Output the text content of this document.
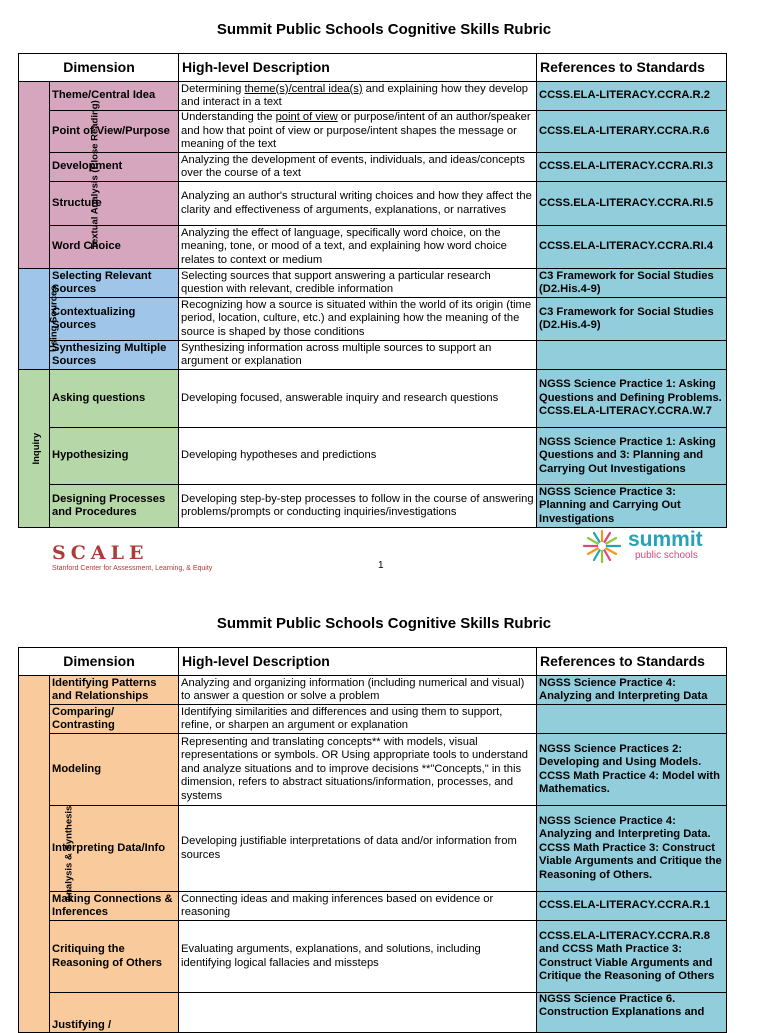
Summit Public Schools Cognitive Skills Rubric
Dimension		High-level Description	References to Standards
Textual Analysis (Close Reading)	Theme/Central Idea	Determining theme(s)/central idea(s) and explaining how they develop and interact in a text	CCSS.ELA-LITERACY.CCRA.R.2
	Point of View/Purpose	Understanding the point of view or purpose/intent of an author/speaker and how that point of view or purpose/intent shapes the message or meaning of the text	CCSS.ELA-LITERARY.CCRA.R.6
	Development	Analyzing the development of events, individuals, and ideas/concepts over the course of a text	CCSS.ELA-LITERACY.CCRA.RI.3
	Structure	Analyzing an author's structural writing choices and how they affect the clarity and effectiveness of arguments, explanations, or narratives	CCSS.ELA-LITERACY.CCRA.RI.5
	Word Choice	Analyzing the effect of language, specifically word choice, on the meaning, tone, or mood of a text, and explaining how word choice relates to context or medium	CCSS.ELA-LITERACY.CCRA.RI.4
Using Sources	Selecting Relevant Sources	Selecting sources that support answering a particular research question with relevant, credible information	C3 Framework for Social Studies (D2.His.4-9)
	Contextualizing Sources	Recognizing how a source is situated within the world of its origin (time period, location, culture, etc.) and explaining how the meaning of the source is shaped by those conditions	C3 Framework for Social Studies (D2.His.4-9)
	Synthesizing Multiple Sources	Synthesizing information across multiple sources to support an argument or explanation	
Inquiry	Asking questions	Developing focused, answerable inquiry and research questions	NGSS Science Practice 1: Asking Questions and Defining Problems. CCSS.ELA-LITERACY.CCRA.W.7
	Hypothesizing	Developing hypotheses and predictions	NGSS Science Practice 1: Asking Questions and 3: Planning and Carrying Out Investigations
	Designing Processes and Procedures	Developing step-by-step processes to follow in the course of answering problems/prompts or conducting inquiries/investigations	NGSS Science Practice 3: Planning and Carrying Out Investigations
SCALE
Stanford Center for Assessment, Learning, & Equity	1
summit
public schools
Summit Public Schools Cognitive Skills Rubric
Dimension		High-level Description	References to Standards
Analysis & Synthesis	Identifying Patterns and Relationships	Analyzing and organizing information (including numerical and visual) to answer a question or solve a problem	NGSS Science Practice 4: Analyzing and Interpreting Data
	Comparing/ Contrasting	Identifying similarities and differences and using them to support, refine, or sharpen an argument or explanation	
	Modeling	Representing and translating concepts** with models, visual representations or symbols. OR Using appropriate tools to understand and analyze situations and to improve decisions **"Concepts," in this dimension, refers to abstract situations/information, processes, and systems	NGSS Science Practices 2: Developing and Using Models. CCSS Math Practice 4: Model with Mathematics.
	Interpreting Data/Info	Developing justifiable interpretations of data and/or information from sources	NGSS Science Practice 4: Analyzing and Interpreting Data. CCSS Math Practice 3: Construct Viable Arguments and Critique the Reasoning of Others.
	Making Connections & Inferences	Connecting ideas and making inferences based on evidence or reasoning	CCSS.ELA-LITERACY.CCRA.R.1
	Critiquing the Reasoning of Others	Evaluating arguments, explanations, and solutions, including identifying logical fallacies and missteps	CCSS.ELA-LITERACY.CCRA.R.8 and CCSS Math Practice 3: Construct Viable Arguments and Critique the Reasoning of Others
	Justifying /		NGSS Science Practice 6. Construction Explanations and
